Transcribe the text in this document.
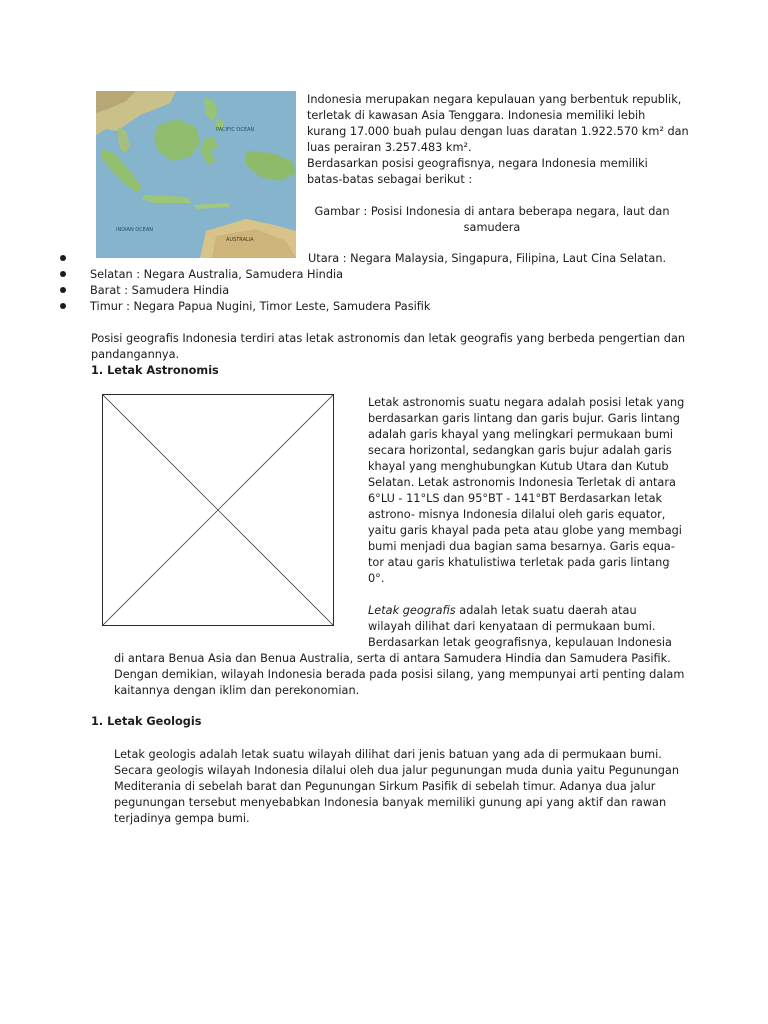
PACIFIC OCEAN
INDIAN OCEAN
AUSTRALIA
Indonesia merupakan negara kepulauan yang berbentuk republik,
terletak di kawasan Asia Tenggara. Indonesia memiliki lebih
kurang 17.000 buah pulau dengan luas daratan 1.922.570 km² dan
luas perairan 3.257.483 km².
Berdasarkan posisi geografisnya, negara Indonesia memiliki
batas-batas sebagai berikut :
Gambar : Posisi Indonesia di antara beberapa negara, laut dan
samudera
Utara : Negara Malaysia, Singapura, Filipina, Laut Cina Selatan.
Selatan : Negara Australia, Samudera Hindia
Barat : Samudera Hindia
Timur : Negara Papua Nugini, Timor Leste, Samudera Pasifik
Posisi geografis Indonesia terdiri atas letak astronomis dan letak geografis yang berbeda pengertian dan
pandangannya.
1. Letak Astronomis
Letak astronomis suatu negara adalah posisi letak yang
berdasarkan garis lintang dan garis bujur. Garis lintang
adalah garis khayal yang melingkari permukaan bumi
secara horizontal, sedangkan garis bujur adalah garis
khayal yang menghubungkan Kutub Utara dan Kutub
Selatan. Letak astronomis Indonesia Terletak di antara
6°LU - 11°LS dan 95°BT - 141°BT Berdasarkan letak
astrono- misnya Indonesia dilalui oleh garis equator,
yaitu garis khayal pada peta atau globe yang membagi
bumi menjadi dua bagian sama besarnya. Garis equa-
tor atau garis khatulistiwa terletak pada garis lintang
0°.
Letak geografis adalah letak suatu daerah atau
wilayah dilihat dari kenyataan di permukaan bumi.
Berdasarkan letak geografisnya, kepulauan Indonesia
di antara Benua Asia dan Benua Australia, serta di antara Samudera Hindia dan Samudera Pasifik.
Dengan demikian, wilayah Indonesia berada pada posisi silang, yang mempunyai arti penting dalam
kaitannya dengan iklim dan perekonomian.
1. Letak Geologis
Letak geologis adalah letak suatu wilayah dilihat dari jenis batuan yang ada di permukaan bumi.
Secara geologis wilayah Indonesia dilalui oleh dua jalur pegunungan muda dunia yaitu Pegunungan
Mediterania di sebelah barat dan Pegunungan Sirkum Pasifik di sebelah timur. Adanya dua jalur
pegunungan tersebut menyebabkan Indonesia banyak memiliki gunung api yang aktif dan rawan
terjadinya gempa bumi.
